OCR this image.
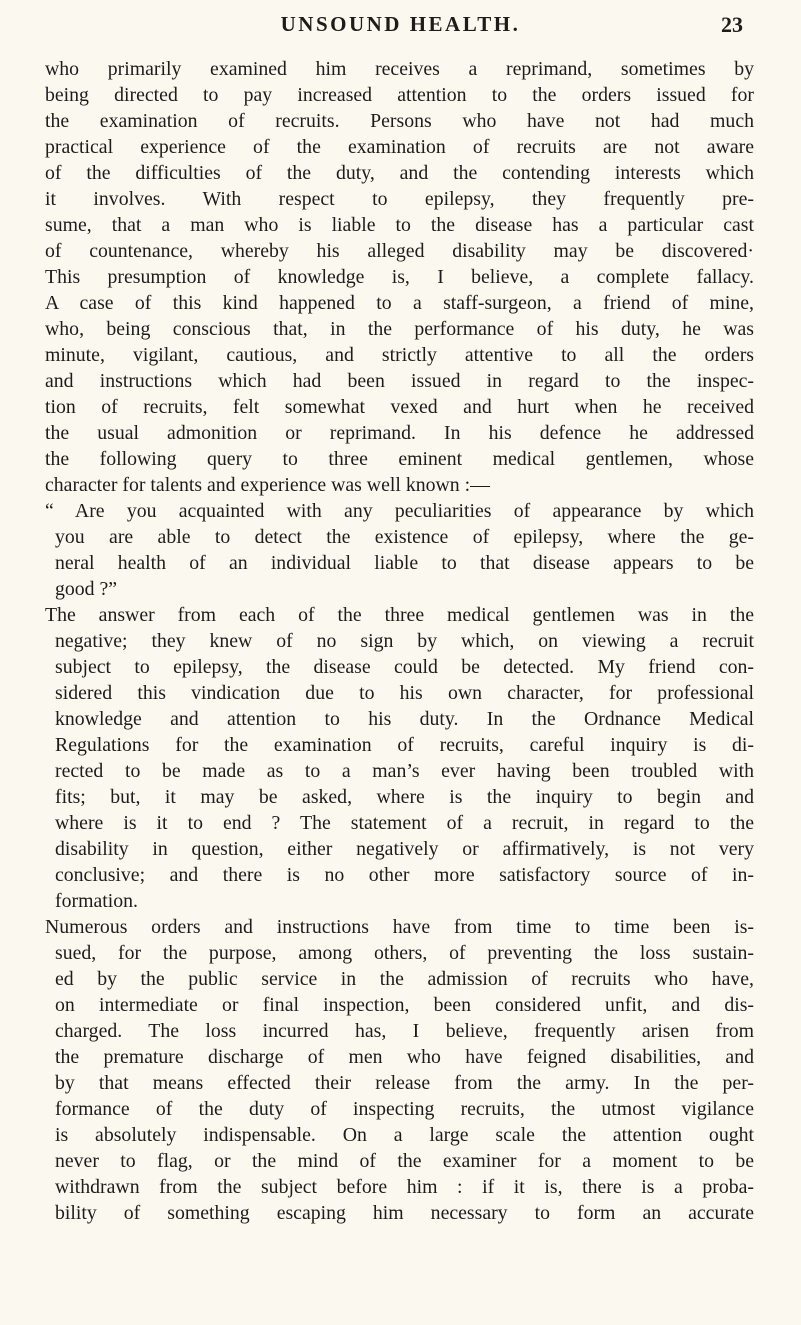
UNSOUND HEALTH.	23
who primarily examined him receives a reprimand, sometimes by
being directed to pay increased attention to the orders issued for
the examination of recruits. Persons who have not had much
practical experience of the examination of recruits are not aware
of the difficulties of the duty, and the contending interests which
it involves. With respect to epilepsy, they frequently pre-
sume, that a man who is liable to the disease has a particular cast
of countenance, whereby his alleged disability may be discovered·
This presumption of knowledge is, I believe, a complete fallacy.
A case of this kind happened to a staff-surgeon, a friend of mine,
who, being conscious that, in the performance of his duty, he was
minute, vigilant, cautious, and strictly attentive to all the orders
and instructions which had been issued in regard to the inspec-
tion of recruits, felt somewhat vexed and hurt when he received
the usual admonition or reprimand. In his defence he addressed
the following query to three eminent medical gentlemen, whose
character for talents and experience was well known :—
“ Are you acquainted with any peculiarities of appearance by which
you are able to detect the existence of epilepsy, where the ge-
neral health of an individual liable to that disease appears to be
good ?”
The answer from each of the three medical gentlemen was in the
negative; they knew of no sign by which, on viewing a recruit
subject to epilepsy, the disease could be detected. My friend con-
sidered this vindication due to his own character, for professional
knowledge and attention to his duty. In the Ordnance Medical
Regulations for the examination of recruits, careful inquiry is di-
rected to be made as to a man’s ever having been troubled with
fits; but, it may be asked, where is the inquiry to begin and
where is it to end ? The statement of a recruit, in regard to the
disability in question, either negatively or affirmatively, is not very
conclusive; and there is no other more satisfactory source of in-
formation.
Numerous orders and instructions have from time to time been is-
sued, for the purpose, among others, of preventing the loss sustain-
ed by the public service in the admission of recruits who have,
on intermediate or final inspection, been considered unfit, and dis-
charged. The loss incurred has, I believe, frequently arisen from
the premature discharge of men who have feigned disabilities, and
by that means effected their release from the army. In the per-
formance of the duty of inspecting recruits, the utmost vigilance
is absolutely indispensable. On a large scale the attention ought
never to flag, or the mind of the examiner for a moment to be
withdrawn from the subject before him : if it is, there is a proba-
bility of something escaping him necessary to form an accurate
